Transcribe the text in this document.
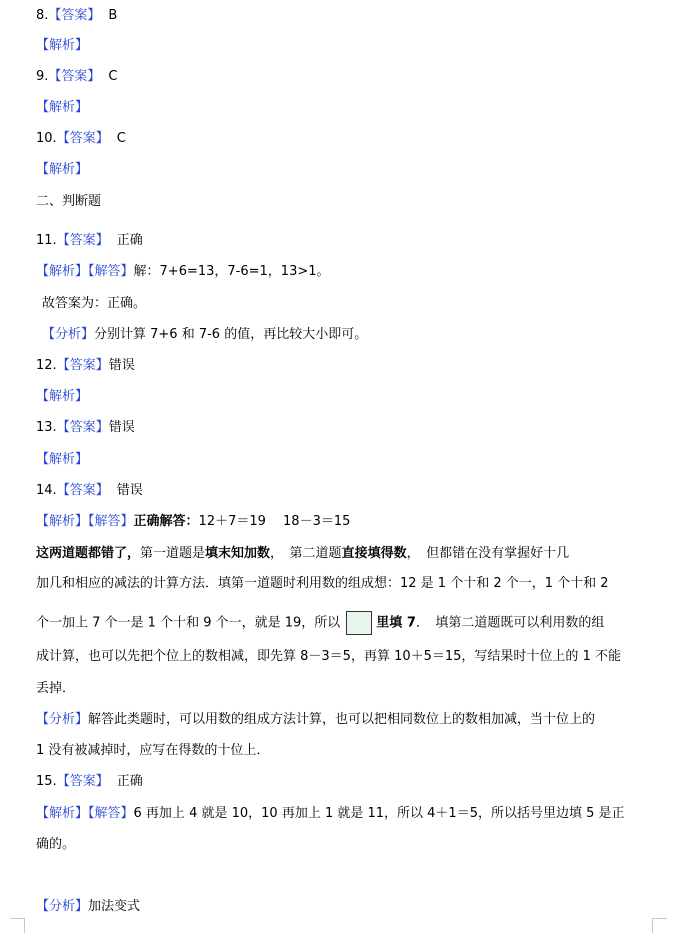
8.【答案】 B
【解析】
9.【答案】 C
【解析】
10.【答案】 C
【解析】
二、判断题
11.【答案】 正确
【解析】【解答】解：7+6=13，7-6=1，13>1。
故答案为：正确。
【分析】分别计算 7+6 和 7-6 的值，再比较大小即可。
12.【答案】错误
【解析】
13.【答案】错误
【解析】
14.【答案】 错误
【解析】【解答】正确解答：12＋7＝19　 18－3＝15
这两道题都错了，第一道题是填末知加数，　第二道题直接填得数，　但都错在没有掌握好十几
加几和相应的减法的计算方法．填第一道题时利用数的组成想：12 是 1 个十和 2 个一，1 个十和 2
个一加上 7 个一是 1 个十和 9 个一，就是 19，所以	里填 7．　填第二道题既可以利用数的组
成计算，也可以先把个位上的数相减，即先算 8－3＝5，再算 10＋5＝15，写结果时十位上的 1 不能
丢掉．
【分析】解答此类题时，可以用数的组成方法计算，也可以把相同数位上的数相加减，当十位上的
1 没有被减掉时，应写在得数的十位上．
15.【答案】 正确
【解析】【解答】6 再加上 4 就是 10，10 再加上 1 就是 11，所以 4＋1＝5，所以括号里边填 5 是正
确的。
【分析】加法变式
